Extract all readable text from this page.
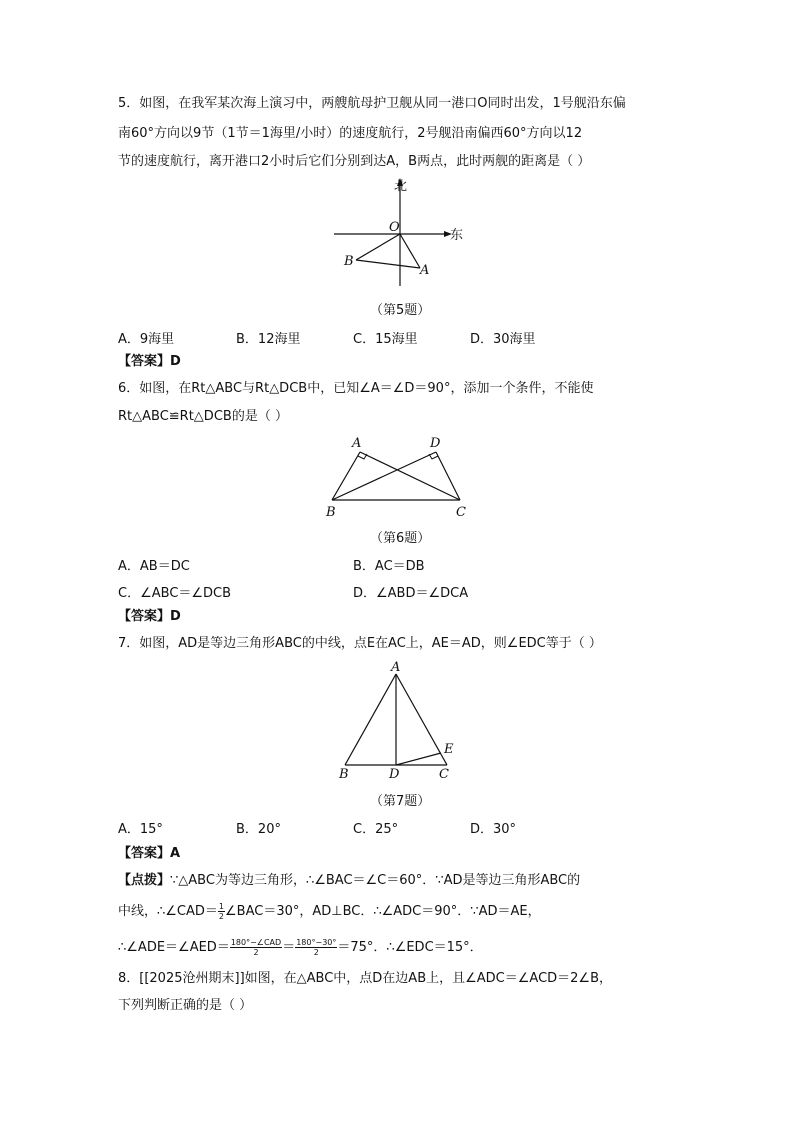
5．如图，在我军某次海上演习中，两艘航母护卫舰从同一港口O同时出发，1号舰沿东偏
南60°方向以9节（1节＝1海里/小时）的速度航行，2号舰沿南偏西60°方向以12
节的速度航行，离开港口2小时后它们分别到达A，B两点，此时两舰的距离是（ ）
北
东
O
A
B
（第5题）
A．9海里	B．12海里	C．15海里	D．30海里
【答案】D
6．如图，在Rt△ABC与Rt△DCB中，已知∠A＝∠D＝90°，添加一个条件，不能使
Rt△ABC≌Rt△DCB的是（ ）
A	D
B	C
（第6题）
A．AB＝DC	B．AC＝DB
C．∠ABC＝∠DCB	D．∠ABD＝∠DCA
【答案】D
7．如图，AD是等边三角形ABC的中线，点E在AC上，AE＝AD，则∠EDC等于（ ）
A
B	D	C
E
（第7题）
A．15°	B．20°	C．25°	D．30°
【答案】A
【点拨】∵△ABC为等边三角形，∴∠BAC＝∠C＝60°．∵AD是等边三角形ABC的
中线，∴∠CAD＝ $\frac{1}{2}$ ∠BAC＝30°，AD⊥BC．∴∠ADC＝90°．∵AD＝AE，
∴∠ADE＝∠AED＝ $\frac{\text{180°−∠CAD}}{2} = \frac{180^\circ-30^\circ}{2} =75^\circ$．∴∠EDC＝15°．
8．[[2025沧州期末]]如图，在△ABC中，点D在边AB上，且∠ADC＝∠ACD＝2∠B，
下列判断正确的是（ ）
